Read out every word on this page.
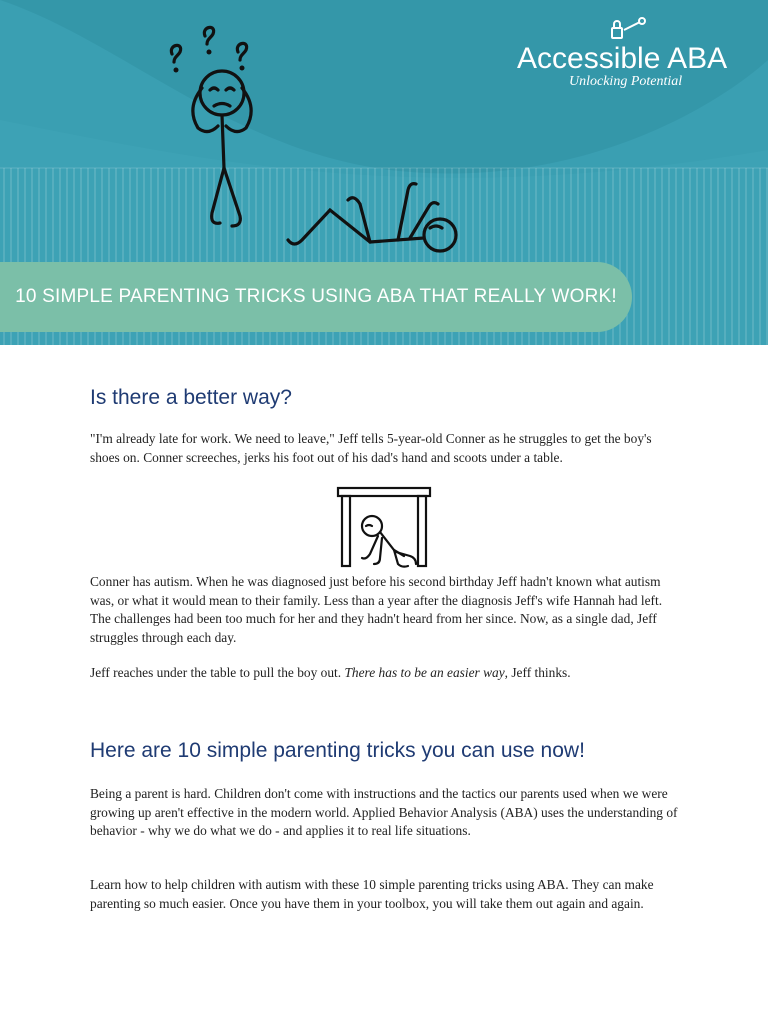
Accessible ABA
Unlocking Potential
10 SIMPLE PARENTING TRICKS USING ABA THAT REALLY WORK!
Is there a better way?

"I'm already late for work. We need to leave," Jeff tells 5-year-old Conner as he struggles to get the boy's shoes on. Conner screeches, jerks his foot out of his dad's hand and scoots under a table.

Conner has autism. When he was diagnosed just before his second birthday Jeff hadn't known what autism was, or what it would mean to their family. Less than a year after the diagnosis Jeff's wife Hannah had left. The challenges had been too much for her and they hadn't heard from her since. Now, as a single dad, Jeff struggles through each day.

Jeff reaches under the table to pull the boy out. There has to be an easier way, Jeff thinks.

Here are 10 simple parenting tricks you can use now!

Being a parent is hard. Children don't come with instructions and the tactics our parents used when we were growing up aren't effective in the modern world. Applied Behavior Analysis (ABA) uses the understanding of behavior - why we do what we do - and applies it to real life situations.

Learn how to help children with autism with these 10 simple parenting tricks using ABA. They can make parenting so much easier. Once you have them in your toolbox, you will take them out again and again.
